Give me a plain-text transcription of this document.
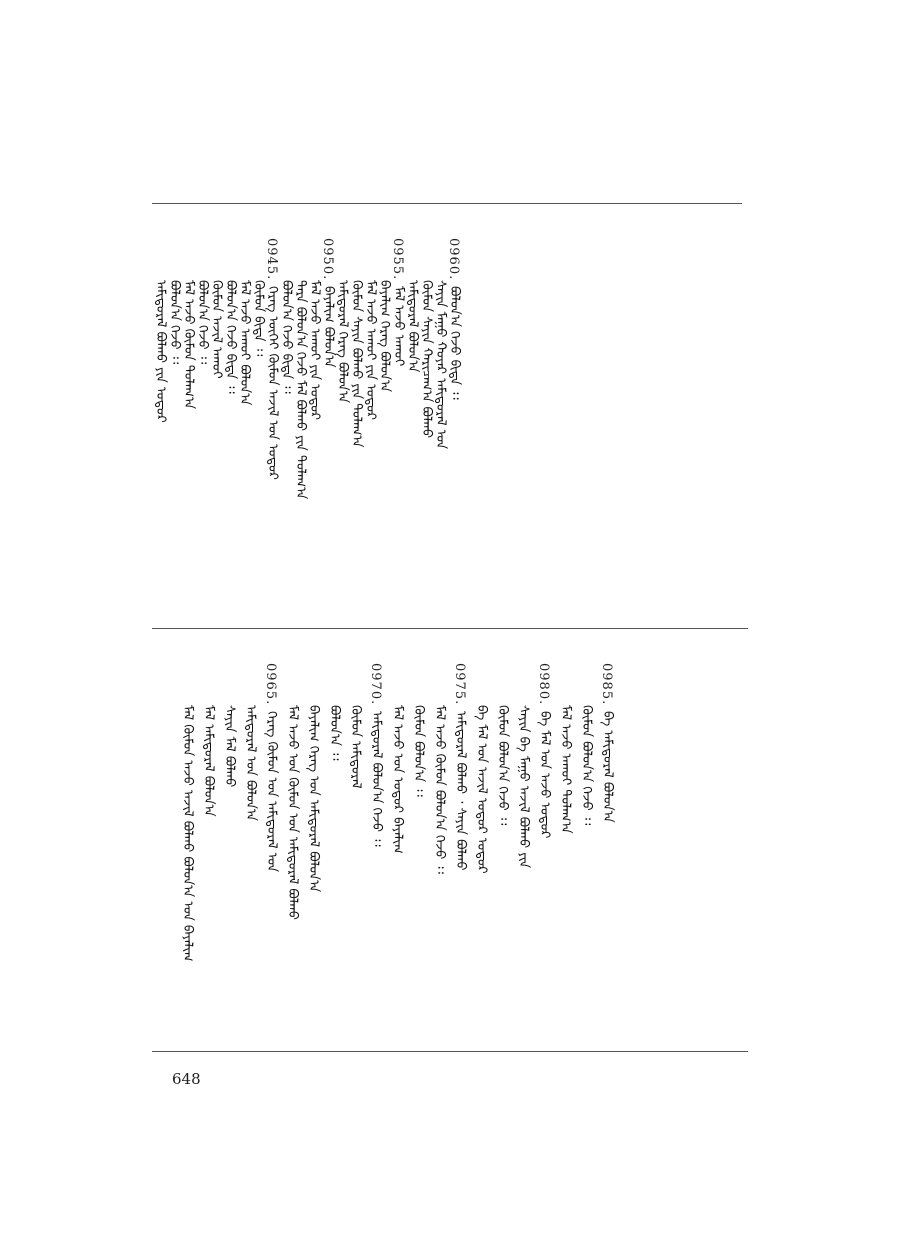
0960.
ᠪᠣᠯᠣᠨ᠎ᠠ ᠭᠡᠵᠦ ᠪᠢᠳᠡ ᠄᠄
ᠰᠠᠶᠢᠨ ᠮᠠᠭᠤ ᠬᠣᠶᠠᠷ ᠠᠮᠢᠳᠤᠷᠠᠯ ᠤᠨ
ᠬᠦᠮᠦᠨ ᠰᠠᠶᠢᠨ ᠬᠠᠷᠢᠴᠠᠭ᠎ᠠ ᠪᠣᠯᠬᠤ
ᠠᠮᠢᠳᠤᠷᠠᠯ ᠪᠣᠯᠤᠨ᠎ᠠ
0955.
ᠮᠠᠯ ᠠᠵᠤ ᠠᠬᠤᠢ
ᠪᠠᠶᠠᠯᠢᠭ ᠬᠡᠷᠡᠭ ᠪᠣᠯᠤᠨ᠎ᠠ
ᠮᠠᠯ ᠠᠵᠤ ᠠᠬᠤᠢ ᠶᠢᠨ ᠤᠳᠤᠷ
ᠬᠦᠮᠦᠨ ᠰᠠᠶᠢᠨ ᠪᠣᠯᠬᠤ ᠶᠢᠨ ᠲᠤᠯᠠᠭ᠎ᠠ
ᠠᠮᠢᠳᠤᠷᠠᠯ ᠬᠡᠷᠡᠭ ᠪᠣᠯᠤᠨ᠎ᠠ
0950.
ᠪᠠᠶᠠᠯᠢᠭ ᠪᠣᠯᠤᠨ᠎ᠠ
ᠮᠠᠯ ᠠᠵᠤ ᠠᠬᠤᠢ ᠶᠢᠨ ᠤᠳᠤᠷ
ᠲᠡᠷᠡ ᠪᠣᠯᠤᠨ᠎ᠠ ᠭᠡᠵᠦ ᠮᠠᠯ ᠪᠣᠯᠬᠤ ᠶᠢᠨ ᠲᠤᠯᠠᠭ᠎ᠠ
ᠪᠣᠯᠤᠨ᠎ᠠ ᠭᠡᠵᠦ ᠪᠢᠳᠡ ᠄᠄
0945.
ᠬᠡᠷᠡᠭ ᠦᠭᠡᠢ ᠬᠦᠮᠦᠨ ᠠᠵᠢᠯ ᠤᠨ ᠤᠳᠤᠷ
ᠬᠦᠮᠦᠨ ᠪᠢᠳᠡ ᠄᠄
ᠮᠠᠯ ᠠᠵᠤ ᠠᠬᠤᠢ ᠪᠣᠯᠤᠨ᠎ᠠ
ᠪᠣᠯᠤᠨ᠎ᠠ ᠭᠡᠵᠦ ᠪᠢᠳᠡ ᠄᠄
ᠬᠦᠮᠦᠨ ᠠᠵᠢᠯ ᠠᠬᠤᠢ
ᠪᠣᠯᠤᠨ᠎ᠠ ᠭᠡᠵᠦ ᠄᠄
ᠮᠠᠯ ᠠᠵᠤ ᠬᠦᠮᠦᠨ ᠲᠤᠯᠠᠭ᠎ᠠ
ᠪᠣᠯᠤᠨ᠎ᠠ ᠭᠡᠵᠦ ᠄᠄
ᠠᠮᠢᠳᠤᠷᠠᠯ ᠪᠣᠯᠬᠤ ᠶᠢᠨ ᠤᠳᠤᠷ
0985.
ᠪᠠ ᠠᠮᠢᠳᠤᠷᠠᠯ ᠪᠣᠯᠤᠨ᠎ᠠ
ᠬᠦᠮᠦᠨ ᠪᠣᠯᠤᠨ᠎ᠠ ᠭᠡᠵᠦ ᠄᠄
ᠮᠠᠯ ᠠᠵᠤ ᠠᠬᠤᠢ ᠲᠤᠯᠠᠭ᠎ᠠ
0980.
ᠪᠠ ᠮᠠᠯ ᠤᠨ ᠠᠵᠤ ᠤᠳᠤᠷ
ᠰᠠᠶᠢᠨ ᠪᠠ ᠮᠠᠭᠤ ᠠᠵᠢᠯ ᠪᠣᠯᠬᠤ ᠶᠢᠨ
ᠬᠦᠮᠦᠨ ᠪᠣᠯᠤᠨ᠎ᠠ ᠭᠡᠵᠦ ᠄᠄
ᠪᠠ ᠮᠠᠯ ᠤᠨ ᠠᠵᠢᠯ ᠤᠳᠤᠷ ᠤᠳᠤᠷ
0975.
ᠠᠮᠢᠳᠤᠷᠠᠯ ᠪᠣᠯᠬᠤ ᠂ ᠰᠠᠶᠢᠨ ᠪᠣᠯᠬᠤ
ᠮᠠᠯ ᠠᠵᠤ ᠬᠦᠮᠦᠨ ᠪᠣᠯᠤᠨ᠎ᠠ ᠭᠡᠵᠦ ᠄᠄
ᠬᠦᠮᠦᠨ ᠪᠣᠯᠤᠨ᠎ᠠ ᠄᠄
ᠮᠠᠯ ᠠᠵᠤ ᠤᠨ ᠤᠳᠤᠷ ᠪᠠᠶᠠᠯᠢᠭ
0970.
ᠠᠮᠢᠳᠤᠷᠠᠯ ᠪᠣᠯᠤᠨ᠎ᠠ ᠭᠡᠵᠦ ᠄᠄
ᠬᠦᠮᠦᠨ ᠠᠮᠢᠳᠤᠷᠠᠯ
ᠪᠣᠯᠤᠨ᠎ᠠ ᠄᠄
ᠪᠠᠶᠠᠯᠢᠭ ᠬᠡᠷᠡᠭ ᠤᠨ ᠠᠮᠢᠳᠤᠷᠠᠯ ᠪᠣᠯᠤᠨ᠎ᠠ
ᠮᠠᠯ ᠠᠵᠤ ᠤᠨ ᠬᠦᠮᠦᠨ ᠤᠨ ᠠᠮᠢᠳᠤᠷᠠᠯ ᠪᠣᠯᠬᠤ
0965.
ᠬᠡᠷᠡᠭ ᠬᠦᠮᠦᠨ ᠤᠨ ᠠᠮᠢᠳᠤᠷᠠᠯ ᠤᠨ
ᠠᠮᠢᠳᠤᠷᠠᠯ ᠤᠨ ᠪᠣᠯᠤᠨ᠎ᠠ
ᠰᠠᠶᠢᠨ ᠮᠠᠯ ᠪᠣᠯᠬᠤ
ᠮᠠᠯ ᠠᠮᠢᠳᠤᠷᠠᠯ ᠪᠣᠯᠤᠨ᠎ᠠ
ᠮᠠᠯ ᠬᠦᠮᠦᠨ ᠠᠵᠤ ᠠᠵᠢᠯ ᠪᠣᠯᠬᠤ ᠪᠣᠯᠤᠨ᠎ᠠ ᠤᠨ ᠪᠠᠶᠠᠯᠢᠭ
648
